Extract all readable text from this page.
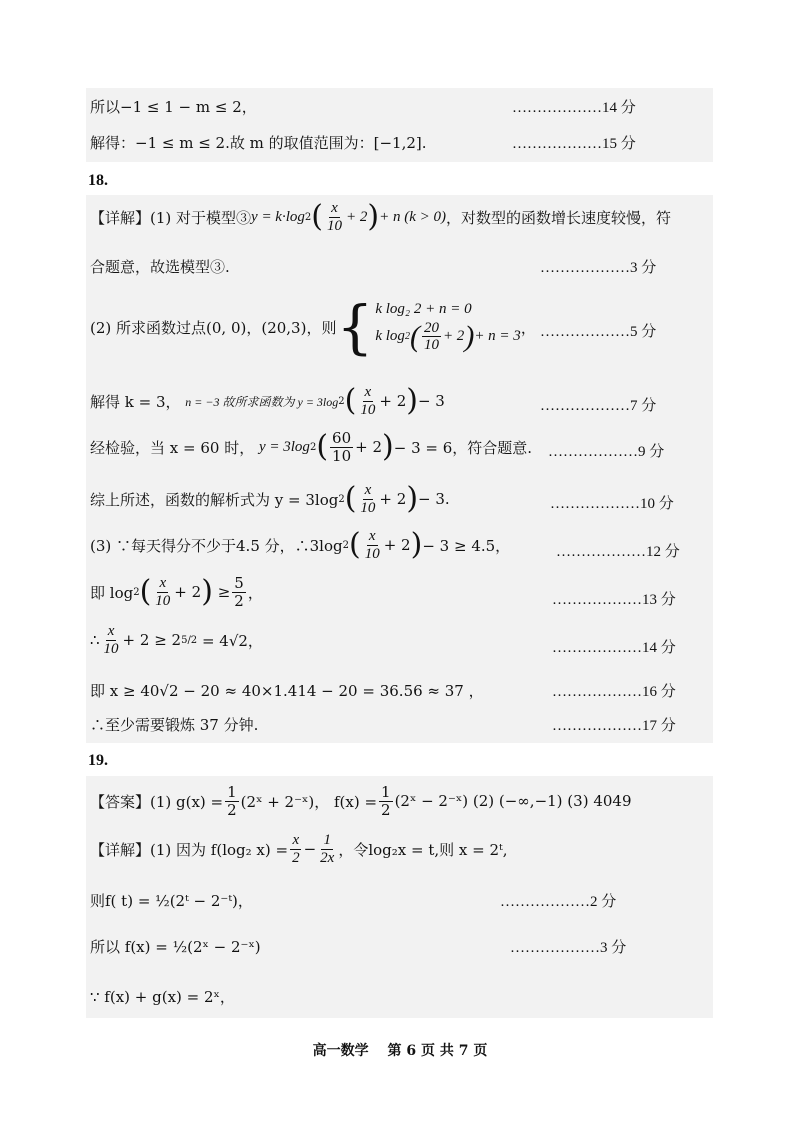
所以−1 ≤ 1 − m ≤ 2，	………………14 分
解得：−1 ≤ m ≤ 2.故 m 的取值范围为：[−1,2].	………………15 分
18.
【详解】(1) 对于模型③ y = k·log 2 ( $\frac{x}{10} + 2$ ) + n (k > 0) ，对数型的函数增长速度较慢，符
合题意，故选模型③.	………………3 分
(2) 所求函数过点(0, 0)，(20,3)，则 { k log₂ 2 + n = 0
k log 2 ( $\frac{20}{10} + 2$ ) + n = 3 ， ………………5 分
解得 k = 3，
n = −3 故所求函数为 y = 3log 2 ( $\frac{x}{10} + 2$ ) − 3	………………7 分
经检验，当 x = 60 时，
y = 3log 2 ( $\frac{60}{10} + 2$ ) − 3 = 6，符合题意. ………………9 分
综上所述，函数的解析式为 y = 3log 2 ( $\frac{x}{10} + 2$ ) − 3.	………………10 分
(3) ∵每天得分不少于4.5 分，∴3log 2 ( $\frac{x}{10} + 2$ ) − 3 ≥ 4.5，	………………12 分
即 log 2 ( $\frac{x}{10} + 2$ )
≥ $\frac{5}{2}$ ，	………………13 分
∴ $\frac{x}{10} + 2 \ge 2$ 5/2
= 4√2，	………………14 分
即 x ≥ 40√2 − 20 ≈ 40×1.414 − 20 = 36.56 ≈ 37 ，	………………16 分
∴至少需要锻炼 37 分钟.	………………17 分
19.
【答案】(1) $g(x) = \frac{1}{2}$ (2ˣ + 2⁻ˣ)， $f(x) = \frac{1}{2}$ (2ˣ − 2⁻ˣ) (2) (−∞,−1) (3) 4049
【详解】(1) 因为 f(log₂ $x) = \frac{x}{2} - \frac{1}{2x}$ ，令log₂x = t,则 x = 2ᵗ,
则f( t) = ½(2ᵗ − 2⁻ᵗ)，	………………2 分
所以 f(x) = ½(2ˣ − 2⁻ˣ)	………………3 分
∵ f(x) + g(x) = 2ˣ，
高一数学　 第 6 页 共 7 页
